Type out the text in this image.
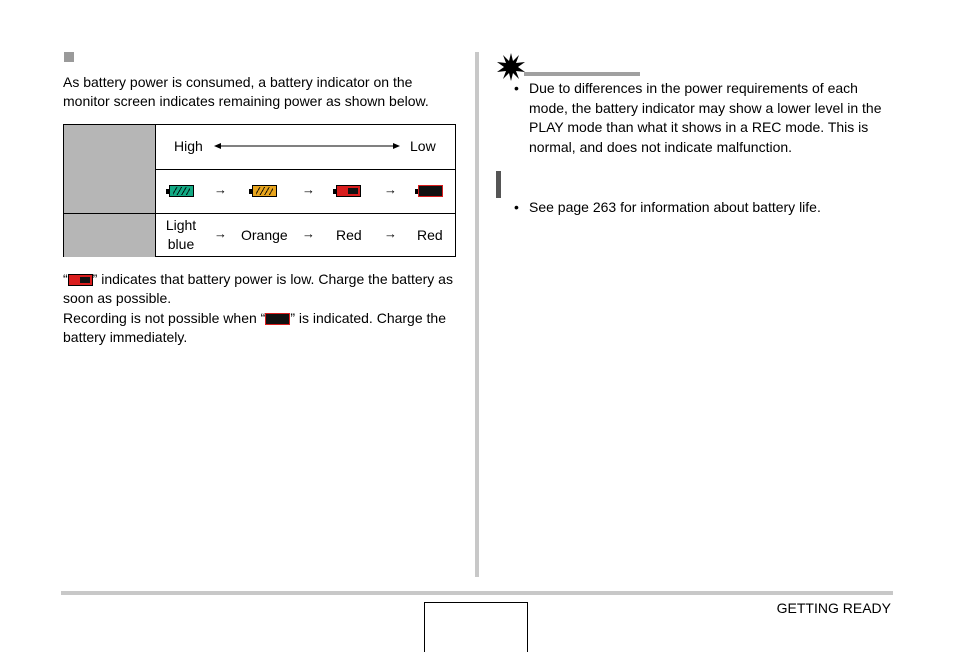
As battery power is consumed, a battery indicator on the monitor screen indicates remaining power as shown below.
High	Low
→	→	→
Light
blue
→ Orange → Red → Red
“ ” indicates that battery power is low. Charge the battery as soon as possible.
Recording is not possible when “ ” is indicated. Charge the battery immediately.
• Due to differences in the power requirements of each mode, the battery indicator may show a lower level in the PLAY mode than what it shows in a REC mode. This is normal, and does not indicate malfunction.
• See page 263 for information about battery life.
GETTING READY
